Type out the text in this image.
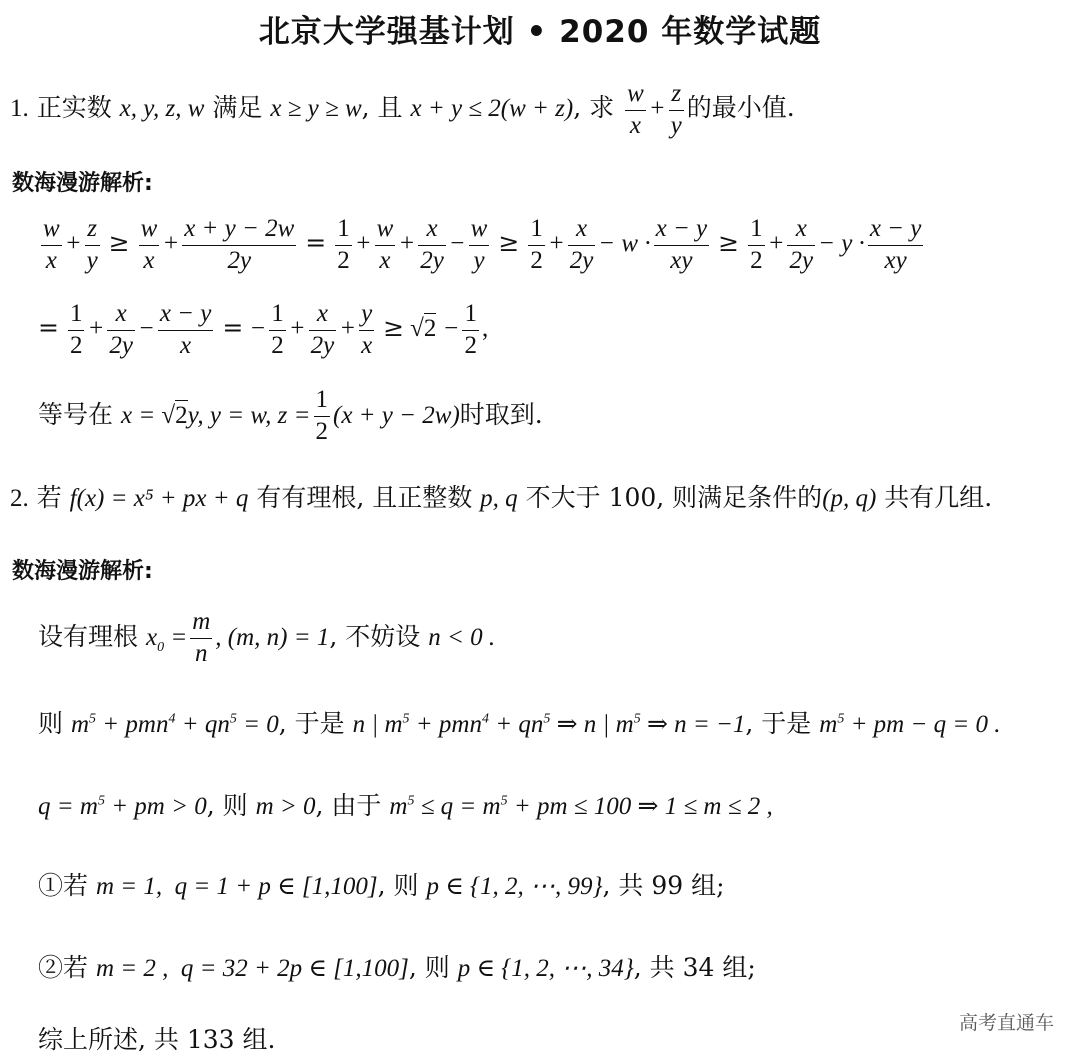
北京大学强基计划 • 2020 年数学试题
1. 正实数 x, y, z, w 满足 x ≥ y ≥ w, 且 x + y ≤ 2(w + z), 求 $\frac{w}{x} + \frac{z}{y}$ 的最小值.
数海漫游解析:
$\frac{w}{x} + \frac{z}{y} \ge \frac{w}{x} + \frac{x + y - 2w}{2y} = \frac{1}{2} + \frac{w}{x} + \frac{x}{2y} - \frac{w}{y} \ge \frac{1}{2} + \frac{x}{2y} - w \cdot \frac{x - y}{xy} \ge \frac{1}{2} + \frac{x}{2y} - y \cdot \frac{x - y}{xy}$
= $\frac{1}{2} + \frac{x}{2y} - \frac{x - y}{x}$ = − $\frac{1}{2} + \frac{x}{2y} + \frac{y}{x} \ge √2 - \frac{1}{2}$ ,
等号在 x = √2y, y = w, $z = \frac{1}{2} (x + y - 2w)$时取到.
2. 若 f(x) = x⁵ + px + q 有有理根, 且正整数 p, q 不大于 100, 则满足条件的(p, q) 共有几组.
数海漫游解析:
设有理根 $x_0 = \frac{m}{n}$ , (m, n) = 1, 不妨设 n < 0 .
则 $m^5 + pmn^4 + qn^5 = 0$, 于是 n | $m^5 + pmn^4 + qn^5$ ⇒ n | $m^5$ ⇒ n = −1, 于是 $m^5$ + pm − q = 0 .
$q = m^5$ + pm > 0, 则 m > 0, 由于 $m^5 \le q = m^5$ + pm ≤ 100 ⇒ 1 ≤ m ≤ 2 ,
①若 m = 1,  q = 1 + p ∈ [1,100], 则 p ∈ {1, 2, ⋯, 99}, 共 99 组;
②若 m = 2 ,  q = 32 + 2p ∈ [1,100], 则 p ∈ {1, 2, ⋯, 34}, 共 34 组;
综上所述, 共 133 组.
高考直通车
